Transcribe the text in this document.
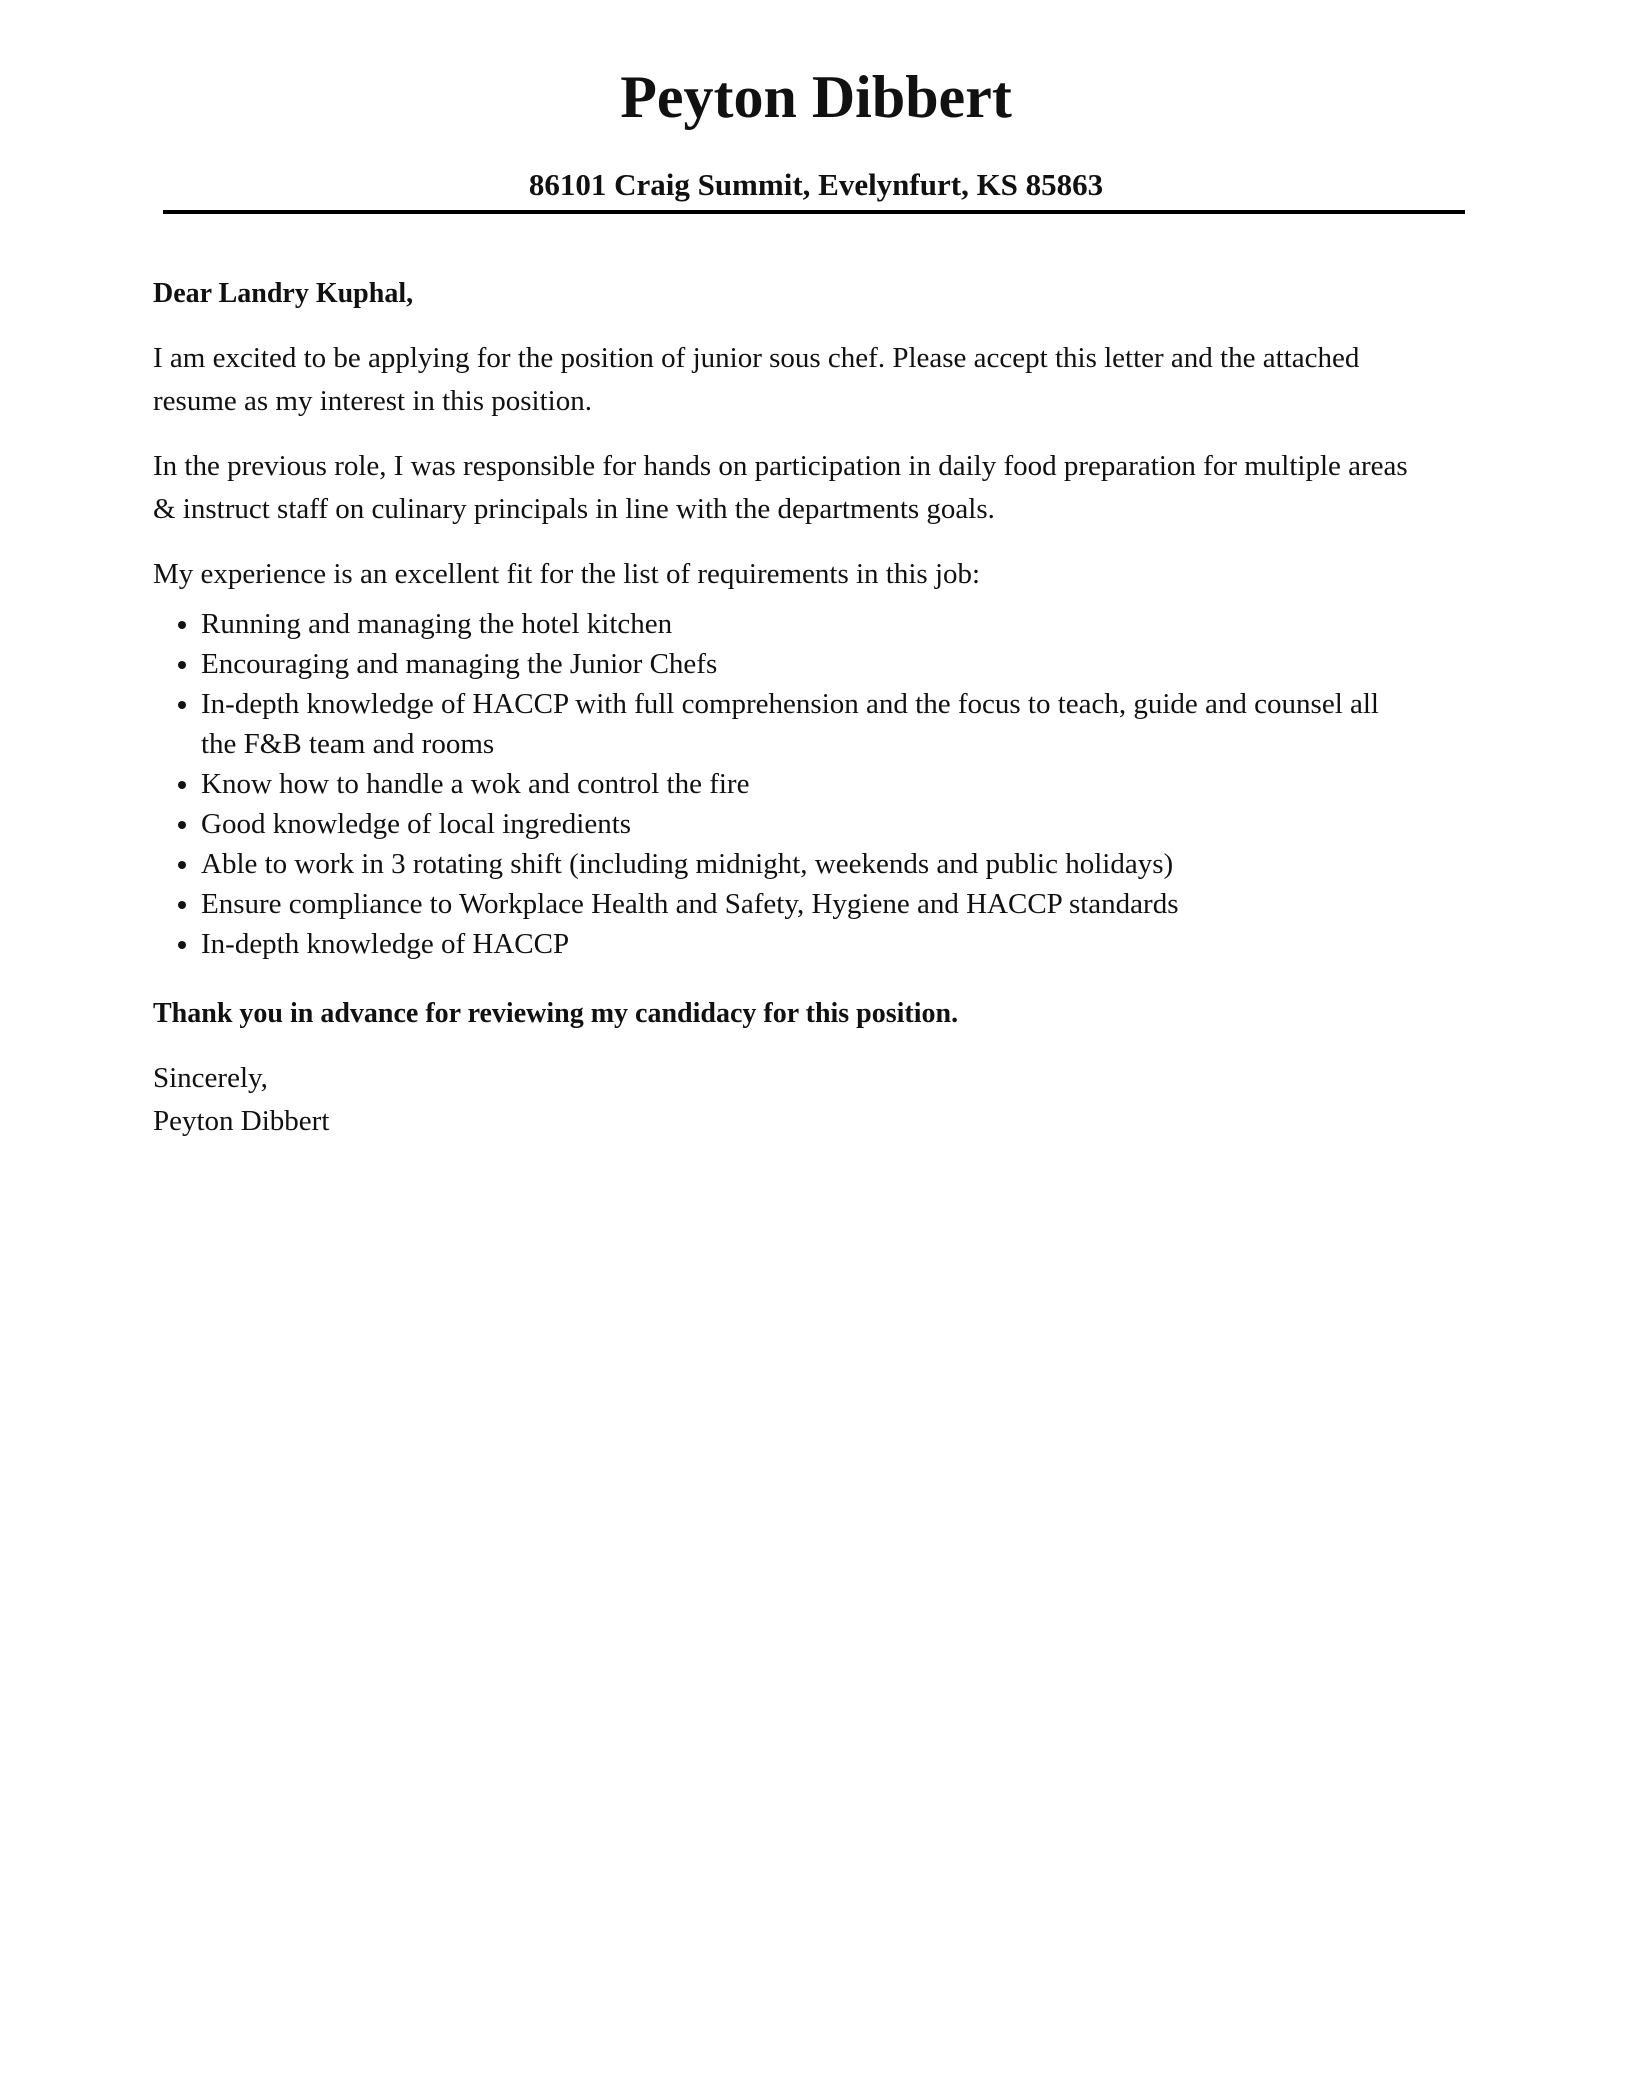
Peyton Dibbert
86101 Craig Summit, Evelynfurt, KS 85863

Dear Landry Kuphal,

I am excited to be applying for the position of junior sous chef. Please accept this letter and the attached resume as my interest in this position.

In the previous role, I was responsible for hands on participation in daily food preparation for multiple areas & instruct staff on culinary principals in line with the departments goals.

My experience is an excellent fit for the list of requirements in this job:

• Running and managing the hotel kitchen
• Encouraging and managing the Junior Chefs
• In-depth knowledge of HACCP with full comprehension and the focus to teach, guide and counsel all the F&B team and rooms
• Know how to handle a wok and control the fire
• Good knowledge of local ingredients
• Able to work in 3 rotating shift (including midnight, weekends and public holidays)
• Ensure compliance to Workplace Health and Safety, Hygiene and HACCP standards
• In-depth knowledge of HACCP

Thank you in advance for reviewing my candidacy for this position.

Sincerely,
Peyton Dibbert
